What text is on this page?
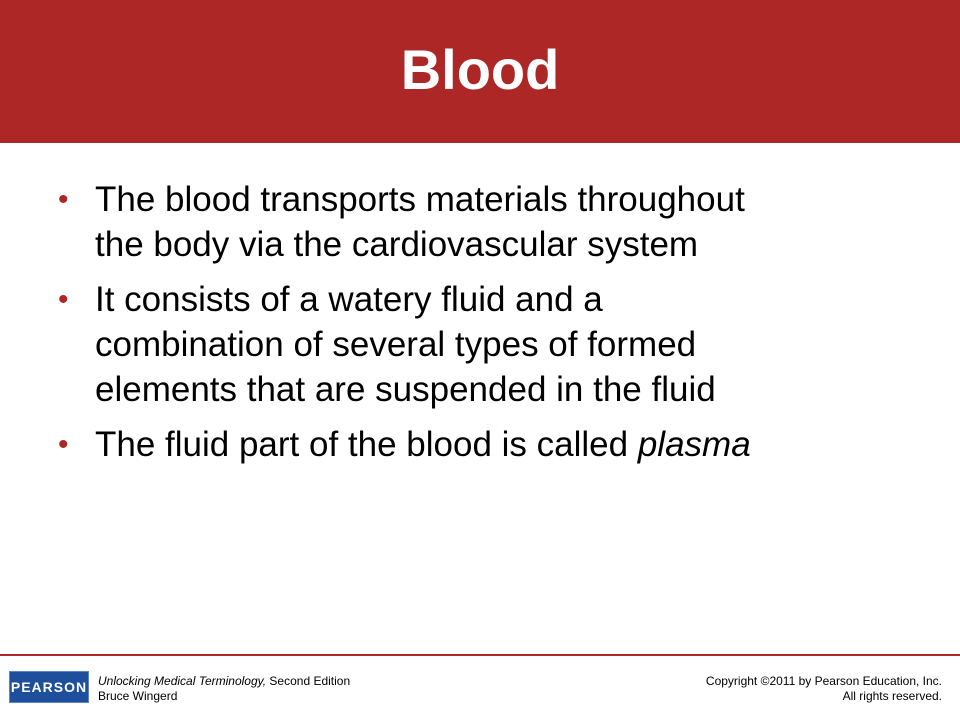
Blood
• The blood transports materials throughout
the body via the cardiovascular system
• It consists of a watery fluid and a
combination of several types of formed
elements that are suspended in the fluid
• The fluid part of the blood is called plasma
PEARSON Unlocking Medical Terminology, Second Edition
Bruce Wingerd
Copyright ©2011 by Pearson Education, Inc.
All rights reserved.
